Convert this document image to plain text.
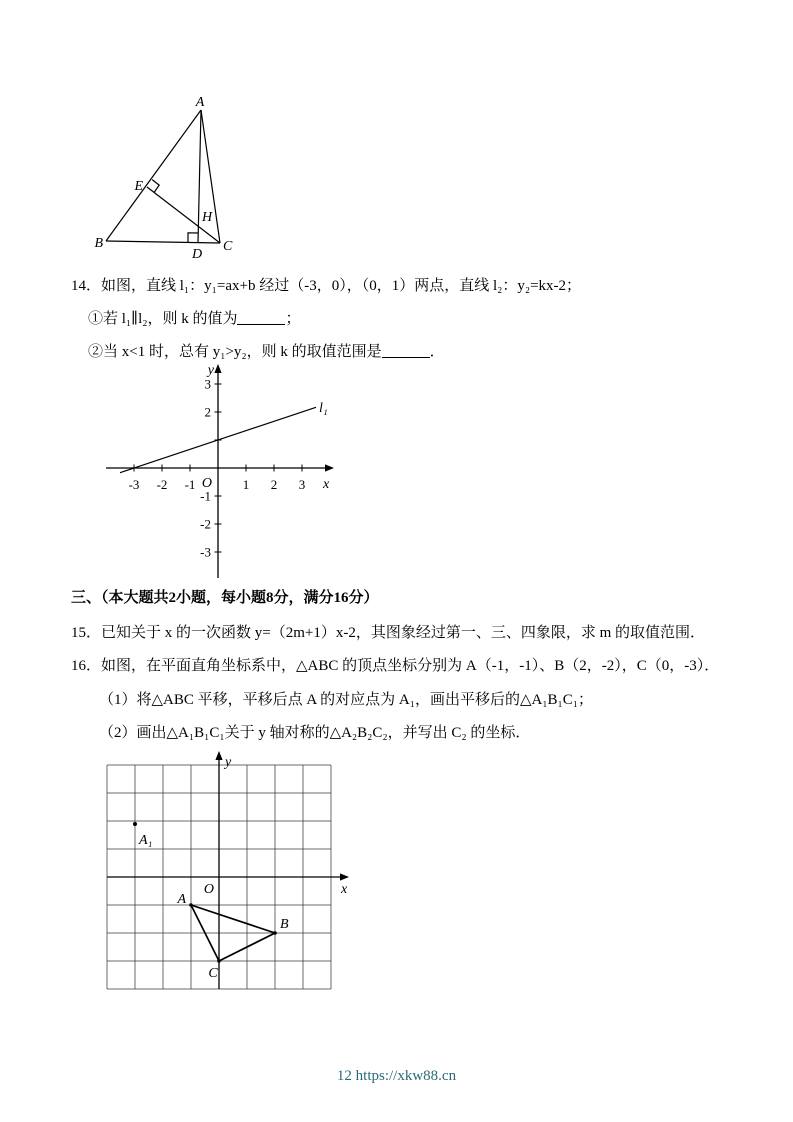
A
B	C
D
E
H
14．如图，直线 l₁：y₁=ax+b 经过（-3，0），（0，1）两点，直线 l₂：y₂=kx-2；
①若 l₁∥l₂，则 k 的值为	；
②当 x<1 时，总有 y₁>y₂，则 k 的取值范围是	．
-3 -2 -1	1 2 3
3
2
-1
-2
-3
O	x
y
l₁
三、（本大题共2小题，每小题8分，满分16分）
15．已知关于 x 的一次函数 y=（2m+1）x-2，其图象经过第一、三、四象限，求 m 的取值范围．
16．如图，在平面直角坐标系中，△ABC 的顶点坐标分别为 A（-1，-1）、B（2，-2），C（0，-3）．
（1）将△ABC 平移，平移后点 A 的对应点为 A₁，画出平移后的△A₁B₁C₁；
（2）画出△A₁B₁C₁关于 y 轴对称的△A₂B₂C₂，并写出 C₂ 的坐标．
O	x
y
A₁
A
B
C
12 https://xkw88.cn
